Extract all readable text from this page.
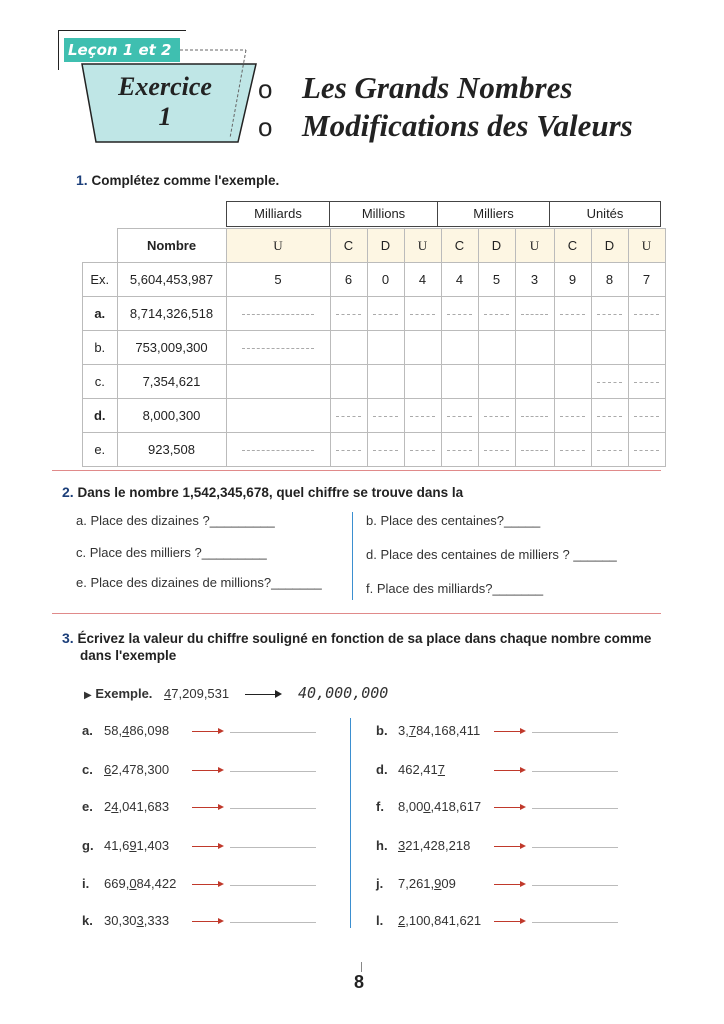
Leçon 1 et 2
Exercice
1
o
o
Les Grands Nombres
Modifications des Valeurs
1. Complétez comme l'exemple.
Milliards	Millions	Milliers	Unités
	Nombre	U	C	D	U	C	D	U	C	D	U
Ex.	5,604,453,987	5	6	0	4	4	5	3	9	8	7
a.	8,714,326,518										
b.	753,009,300										
c.	7,354,621										
d.	8,000,300										
e.	923,508										
2. Dans le nombre 1,542,345,678, quel chiffre se trouve dans la
a. Place des dizaines ?_________	b. Place des centaines?_____
c. Place des milliers ?_________	d. Place des centaines de milliers ? ______
e. Place des dizaines de millions?_______	f. Place des milliards?_______
3. Écrivez la valeur du chiffre souligné en fonction de sa place dans chaque nombre comme
dans l'exemple
▶ Exemple. 47,209,531	40,000,000
a. 58,486,098
c. 62,478,300
e. 24,041,683
g. 41,691,403
i. 669,084,422
k. 30,303,333
b. 3,784,168,411
d. 462,417
f. 8,000,418,617
h. 321,428,218
j. 7,261,909
l. 2,100,841,621
8
